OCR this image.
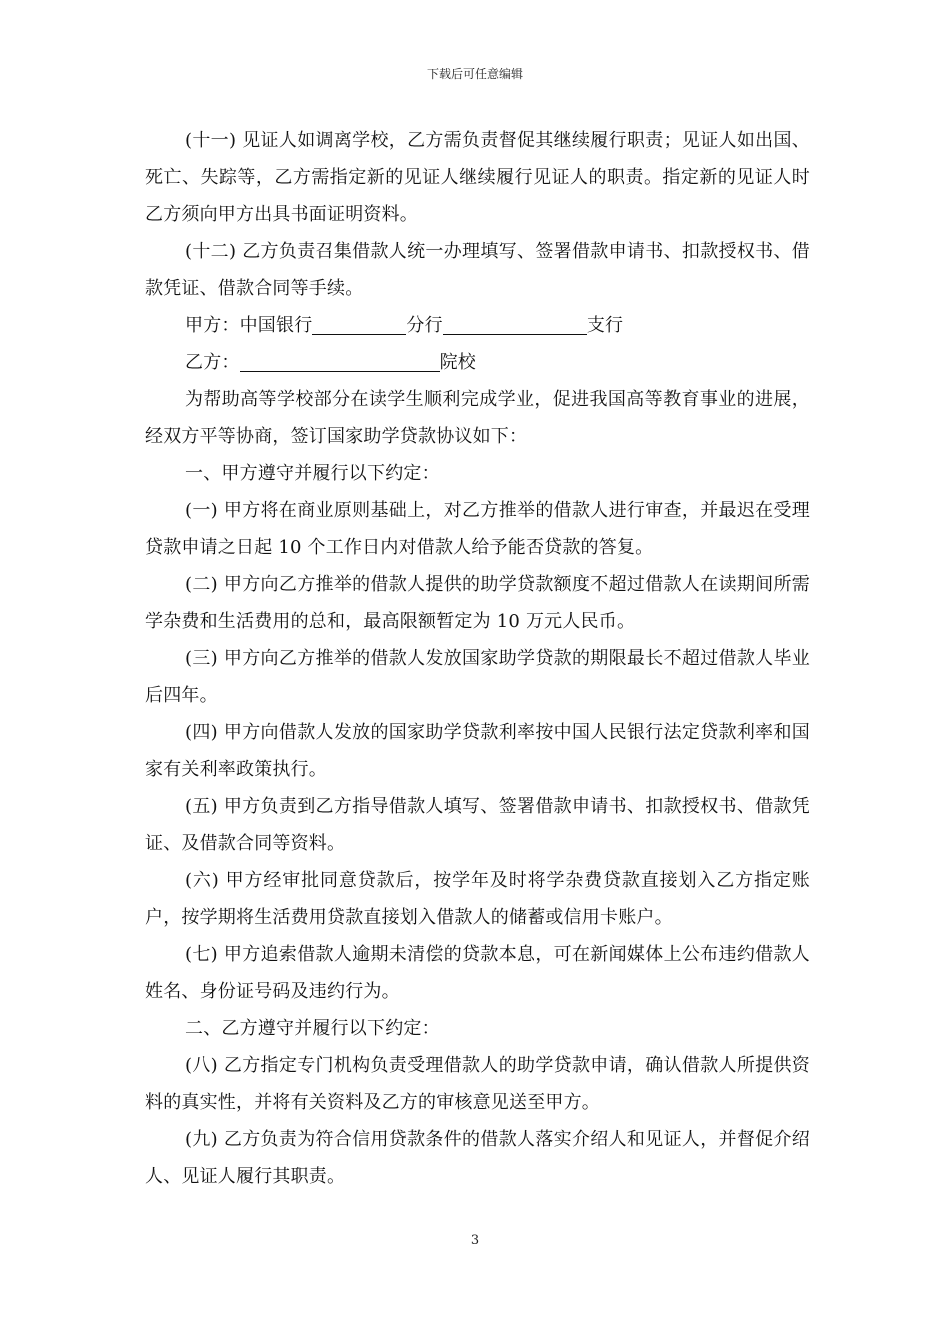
下载后可任意编辑

(十一) 见证人如调离学校，乙方需负责督促其继续履行职责；见证人如出国、死亡、失踪等，乙方需指定新的见证人继续履行见证人的职责。指定新的见证人时乙方须向甲方出具书面证明资料。

(十二) 乙方负责召集借款人统一办理填写、签署借款申请书、扣款授权书、借款凭证、借款合同等手续。

甲方：中国银行	分行	支行

乙方：	院校

为帮助高等学校部分在读学生顺利完成学业，促进我国高等教育事业的进展，经双方平等协商，签订国家助学贷款协议如下：

一、甲方遵守并履行以下约定：

(一) 甲方将在商业原则基础上，对乙方推举的借款人进行审查，并最迟在受理贷款申请之日起 10 个工作日内对借款人给予能否贷款的答复。

(二) 甲方向乙方推举的借款人提供的助学贷款额度不超过借款人在读期间所需学杂费和生活费用的总和，最高限额暂定为 10 万元人民币。

(三) 甲方向乙方推举的借款人发放国家助学贷款的期限最长不超过借款人毕业后四年。

(四) 甲方向借款人发放的国家助学贷款利率按中国人民银行法定贷款利率和国家有关利率政策执行。

(五) 甲方负责到乙方指导借款人填写、签署借款申请书、扣款授权书、借款凭证、及借款合同等资料。

(六) 甲方经审批同意贷款后，按学年及时将学杂费贷款直接划入乙方指定账户，按学期将生活费用贷款直接划入借款人的储蓄或信用卡账户。

(七) 甲方追索借款人逾期未清偿的贷款本息，可在新闻媒体上公布违约借款人姓名、身份证号码及违约行为。

二、乙方遵守并履行以下约定：

(八) 乙方指定专门机构负责受理借款人的助学贷款申请，确认借款人所提供资料的真实性，并将有关资料及乙方的审核意见送至甲方。

(九) 乙方负责为符合信用贷款条件的借款人落实介绍人和见证人，并督促介绍人、见证人履行其职责。

3
